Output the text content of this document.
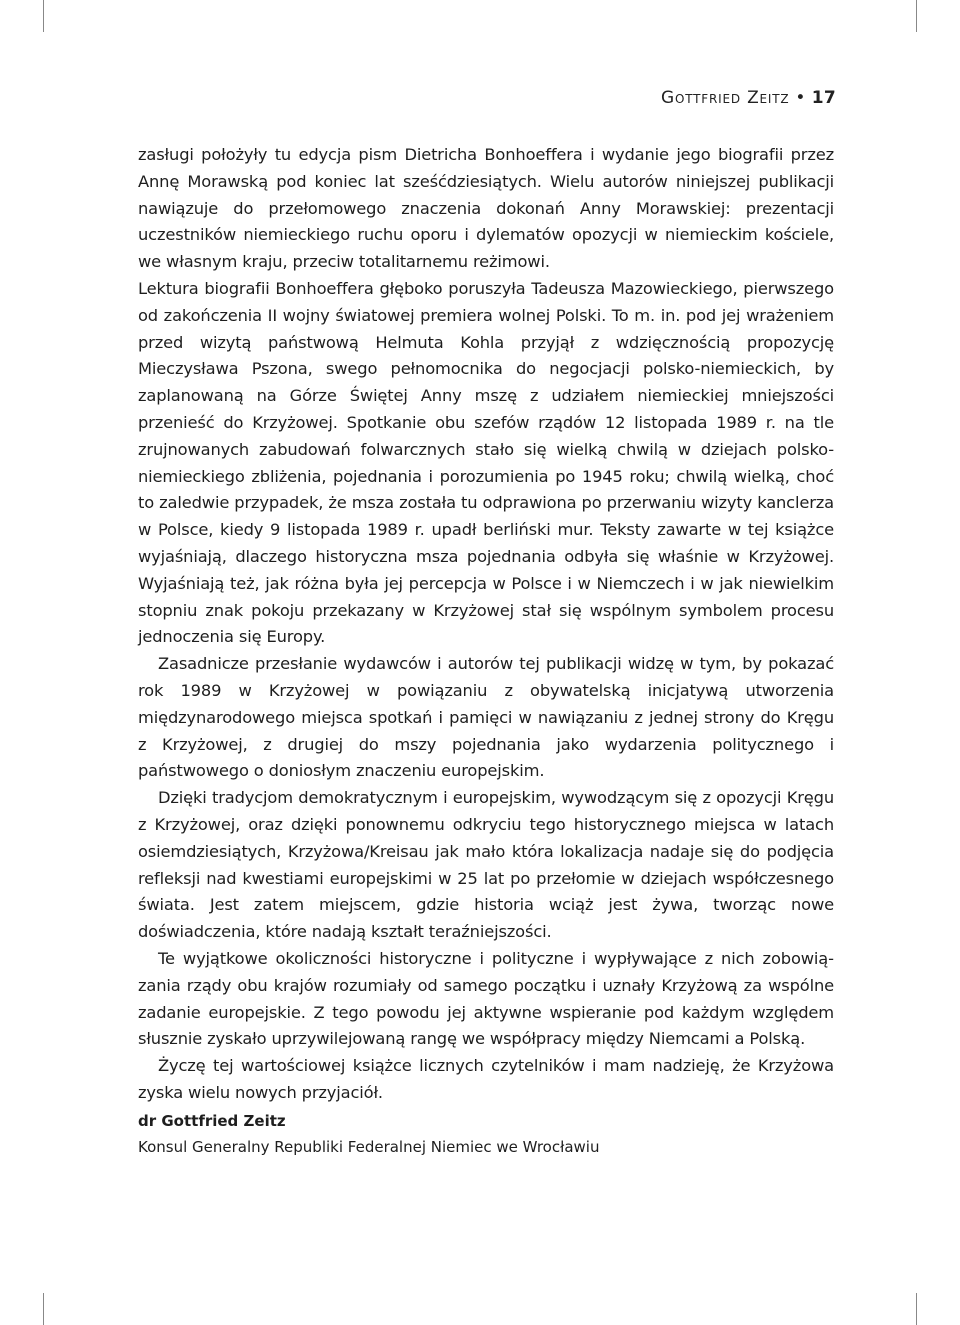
Gottfried Zeitz • 17

zasługi położyły tu edycja pism Dietricha Bonhoeffera i wydanie jego biografii przez Annę Morawską pod koniec lat sześćdziesiątych. Wielu autorów niniejszej publikacji nawiązuje do przełomowego znaczenia dokonań Anny Morawskiej: prezentacji uczestników niemieckiego ruchu oporu i dylematów opozycji w niemieckim kościele, we własnym kraju, przeciw totalitarnemu reżimowi.

Lektura biografii Bonhoeffera głęboko poruszyła Tadeusza Mazowieckiego, pierwszego od zakończenia II wojny światowej premiera wolnej Polski. To m. in. pod jej wrażeniem przed wizytą państwową Helmuta Kohla przyjął z wdzięcznością propozycję Mieczysława Pszona, swego pełnomocnika do negocjacji polsko-​niemieckich, by zaplanowaną na Górze Świętej Anny mszę z udziałem niemieckiej mniejszości przenieść do Krzyżowej. Spotkanie obu szefów rządów 12 listopada 1989 r. na tle zrujnowanych zabudowań folwarcznych stało się wielką chwilą w dziejach polsko-niemieckiego zbliżenia, pojednania i porozumienia po 1945 roku; chwilą wielką, choć to zaledwie przypadek, że msza została tu odprawiona po przerwaniu wizyty kanclerza w Polsce, kiedy 9 listopada 1989 r. upadł berliński mur. Teksty zawarte w tej książce wyjaśniają, dlaczego historyczna msza pojednania odbyła się właśnie w Krzyżowej. Wyjaśniają też, jak różna była jej percepcja w Polsce i w Niemczech i w jak niewielkim stopniu znak pokoju przekazany w Krzyżowej stał się wspólnym symbolem procesu jednoczenia się Europy.

Zasadnicze przesłanie wydawców i autorów tej publikacji widzę w tym, by pokazać rok 1989 w Krzyżowej w powiązaniu z obywatelską inicjatywą utworzenia międzynarodowego miejsca spotkań i pamięci w nawiązaniu z jednej strony do Kręgu z Krzyżowej, z drugiej do mszy pojednania jako wydarzenia politycznego i państwowego o doniosłym znaczeniu europejskim.

Dzięki tradycjom demokratycznym i europejskim, wywodzącym się z opozycji Kręgu z Krzyżowej, oraz dzięki ponownemu odkryciu tego historycznego miejsca w latach osiemdziesiątych, Krzyżowa/Kreisau jak mało która lokalizacja nadaje się do podjęcia refleksji nad kwestiami europejskimi w 25 lat po przełomie w dziejach współczesnego świata. Jest zatem miejscem, gdzie historia wciąż jest żywa, tworząc nowe doświadczenia, które nadają kształt teraźniejszości.

Te wyjątkowe okoliczności historyczne i polityczne i wypływające z nich zobowiązania rządy obu krajów rozumiały od samego początku i uznały Krzyżową za wspólne zadanie europejskie. Z tego powodu jej aktywne wspieranie pod każdym względem słusznie zyskało uprzywilejowaną rangę we współpracy między Niemcami a Polską.

Życzę tej wartościowej książce licznych czytelników i mam nadzieję, że Krzyżowa zyska wielu nowych przyjaciół.

dr Gottfried Zeitz
Konsul Generalny Republiki Federalnej Niemiec we Wrocławiu
